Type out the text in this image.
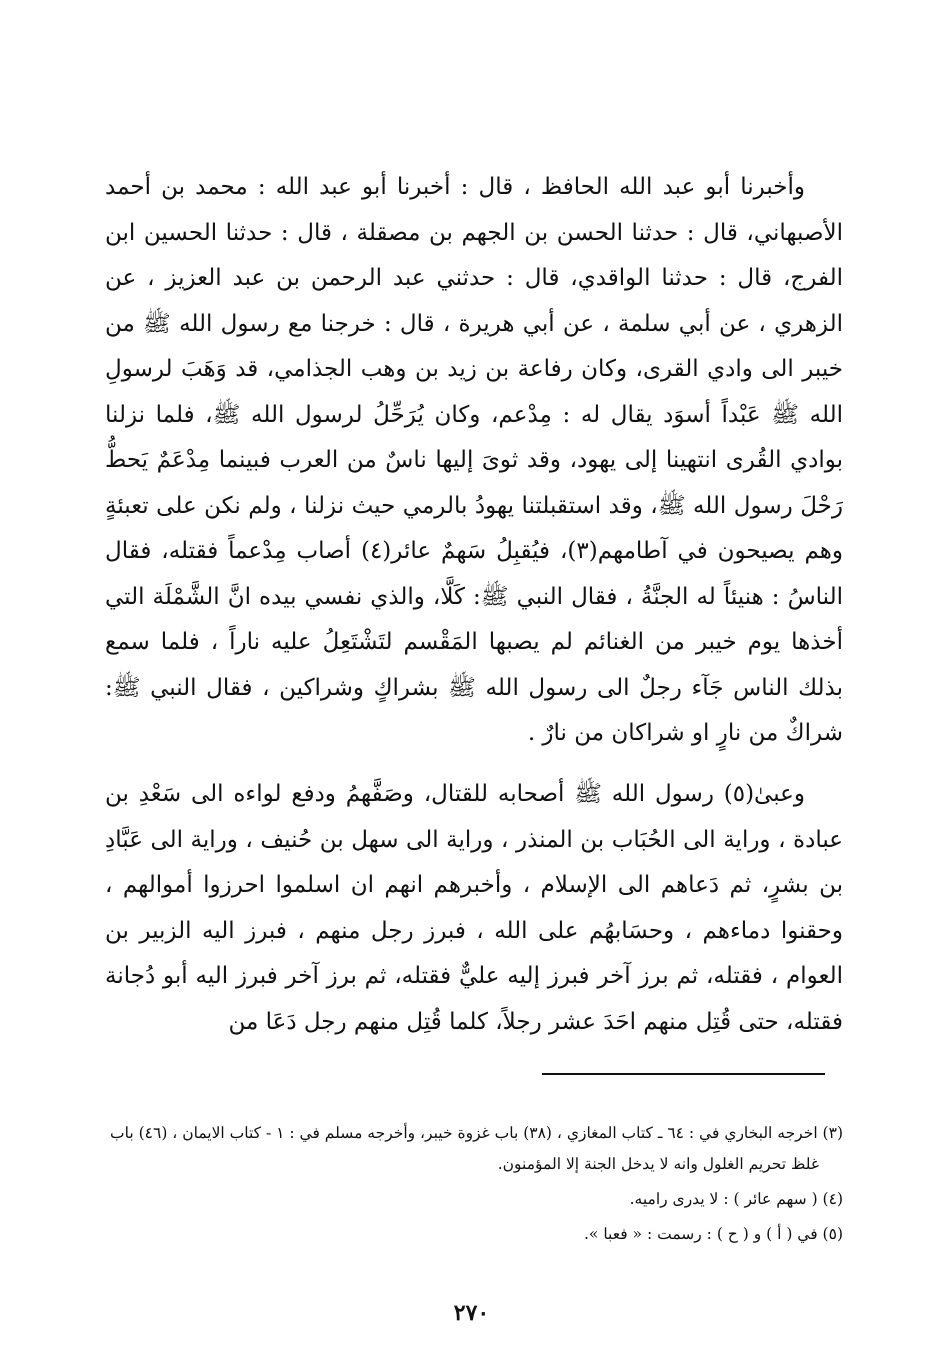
وأخبرنا أبو عبد الله الحافظ ، قال : أخبرنا أبو عبد الله : محمد بن أحمد الأصبهاني، قال : حدثنا الحسن بن الجهم بن مصقلة ، قال : حدثنا الحسين ابن الفرج، قال : حدثنا الواقدي، قال : حدثني عبد الرحمن بن عبد العزيز ، عن الزهري ، عن أبي سلمة ، عن أبي هريرة ، قال : خرجنا مع رسول الله ﷺ من خيبر الى وادي القرى، وكان رفاعة بن زيد بن وهب الجذامي، قد وَهَبَ لرسولِ الله ﷺ عَبْداً أسوَد يقال له : مِدْعم، وكان يُرَحِّلُ لرسول الله ﷺ، فلما نزلنا بوادي القُرى انتهينا إلى يهود، وقد ثوىَ إليها ناسٌ من العرب فبينما مِدْعَمٌ يَحطُّ رَحْلَ رسول الله ﷺ، وقد استقبلتنا يهودُ بالرمي حيث نزلنا ، ولم نكن على تعبئةٍ وهم يصيحون في آطامهم(٣)، فيُقبِلُ سَهمٌ عائر(٤) أصاب مِدْعماً فقتله، فقال الناسُ : هنيئاً له الجنَّةُ ، فقال النبي ﷺ: كَلَّا، والذي نفسي بيده انَّ الشَّمْلَة التي أخذها يوم خيبر من الغنائم لم يصبها المَقْسم لتَشْتَعِلُ عليه ناراً ، فلما سمع بذلك الناس جَآء رجلٌ الى رسول الله ﷺ بشراكٍ وشراكين ، فقال النبي ﷺ: شراكٌ من نارٍ او شراكان من نارٌ .

وعبىٰ(٥) رسول الله ﷺ أصحابه للقتال، وصَفَّهمُ ودفع لواءه الى سَعْدِ بن عبادة ، وراية الى الحُبَاب بن المنذر ، وراية الى سهل بن حُنيف ، وراية الى عَبَّادِ بن بشرٍ، ثم دَعاهم الى الإسلام ، وأخبرهم انهم ان اسلموا احرزوا أموالهم ، وحقنوا دماءهم ، وحسَابهُم على الله ، فبرز رجل منهم ، فبرز اليه الزبير بن العوام ، فقتله، ثم برز آخر فبرز إليه عليٌّ فقتله، ثم برز آخر فبرز اليه أبو دُجانة فقتله، حتى قُتِل منهم احَدَ عشر رجلاً، كلما قُتِل منهم رجل دَعَا من

(٣) اخرجه البخاري في : ٦٤ ـ كتاب المغازي ، (٣٨) باب غزوة خيبر، وأخرجه مسلم في : ١ - كتاب الايمان ، (٤٦) باب غلظ تحريم الغلول وانه لا يدخل الجنة إلا المؤمنون.

(٤) ( سهم عائر ) : لا يدرى راميه.

(٥) في ( أ ) و ( ح ) : رسمت : « فعبا ».

٢٧٠
